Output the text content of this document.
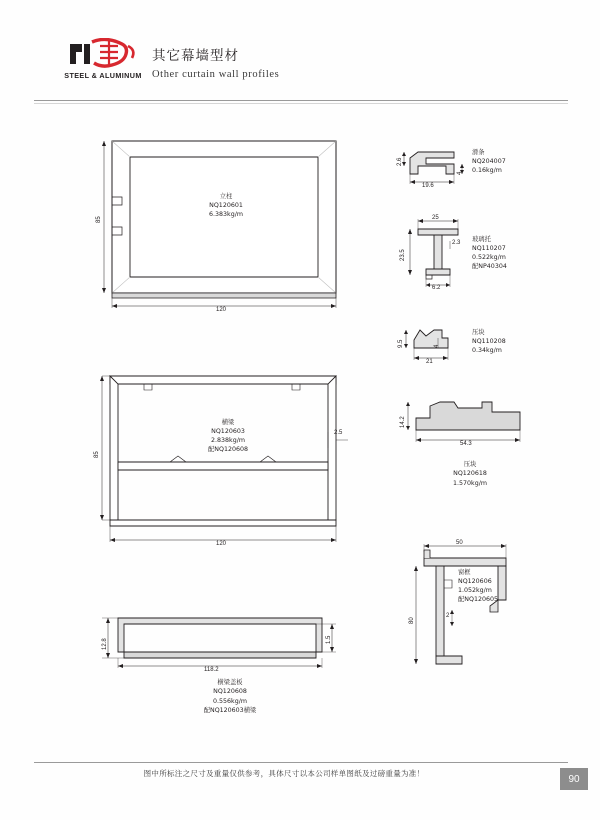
STEEL & ALUMINUM
其它幕墙型材
Other curtain wall profiles
立柱
NQ120601
6.383kg/m
120
85
横梁
NQ120603
2.838kg/m
配NQ120608
120
85
2.5
12.8
118.2
1.5
横梁盖板
NQ120608
0.556kg/m
配NQ120603横梁
2.6
19.6
4
滑条
NQ204007
0.16kg/m
25
23.5
2.3
6.2
玻璃托
NQ110207
0.522kg/m
配NP40304
9.5	4
21
压块
NQ110208
0.34kg/m
14.2
54.3
压块
NQ120618
1.570kg/m
50
80
2
窗框
NQ120606
1.052kg/m
配NQ120605
图中所标注之尺寸及重量仅供参考，具体尺寸以本公司样单图纸及过磅重量为准！	90
